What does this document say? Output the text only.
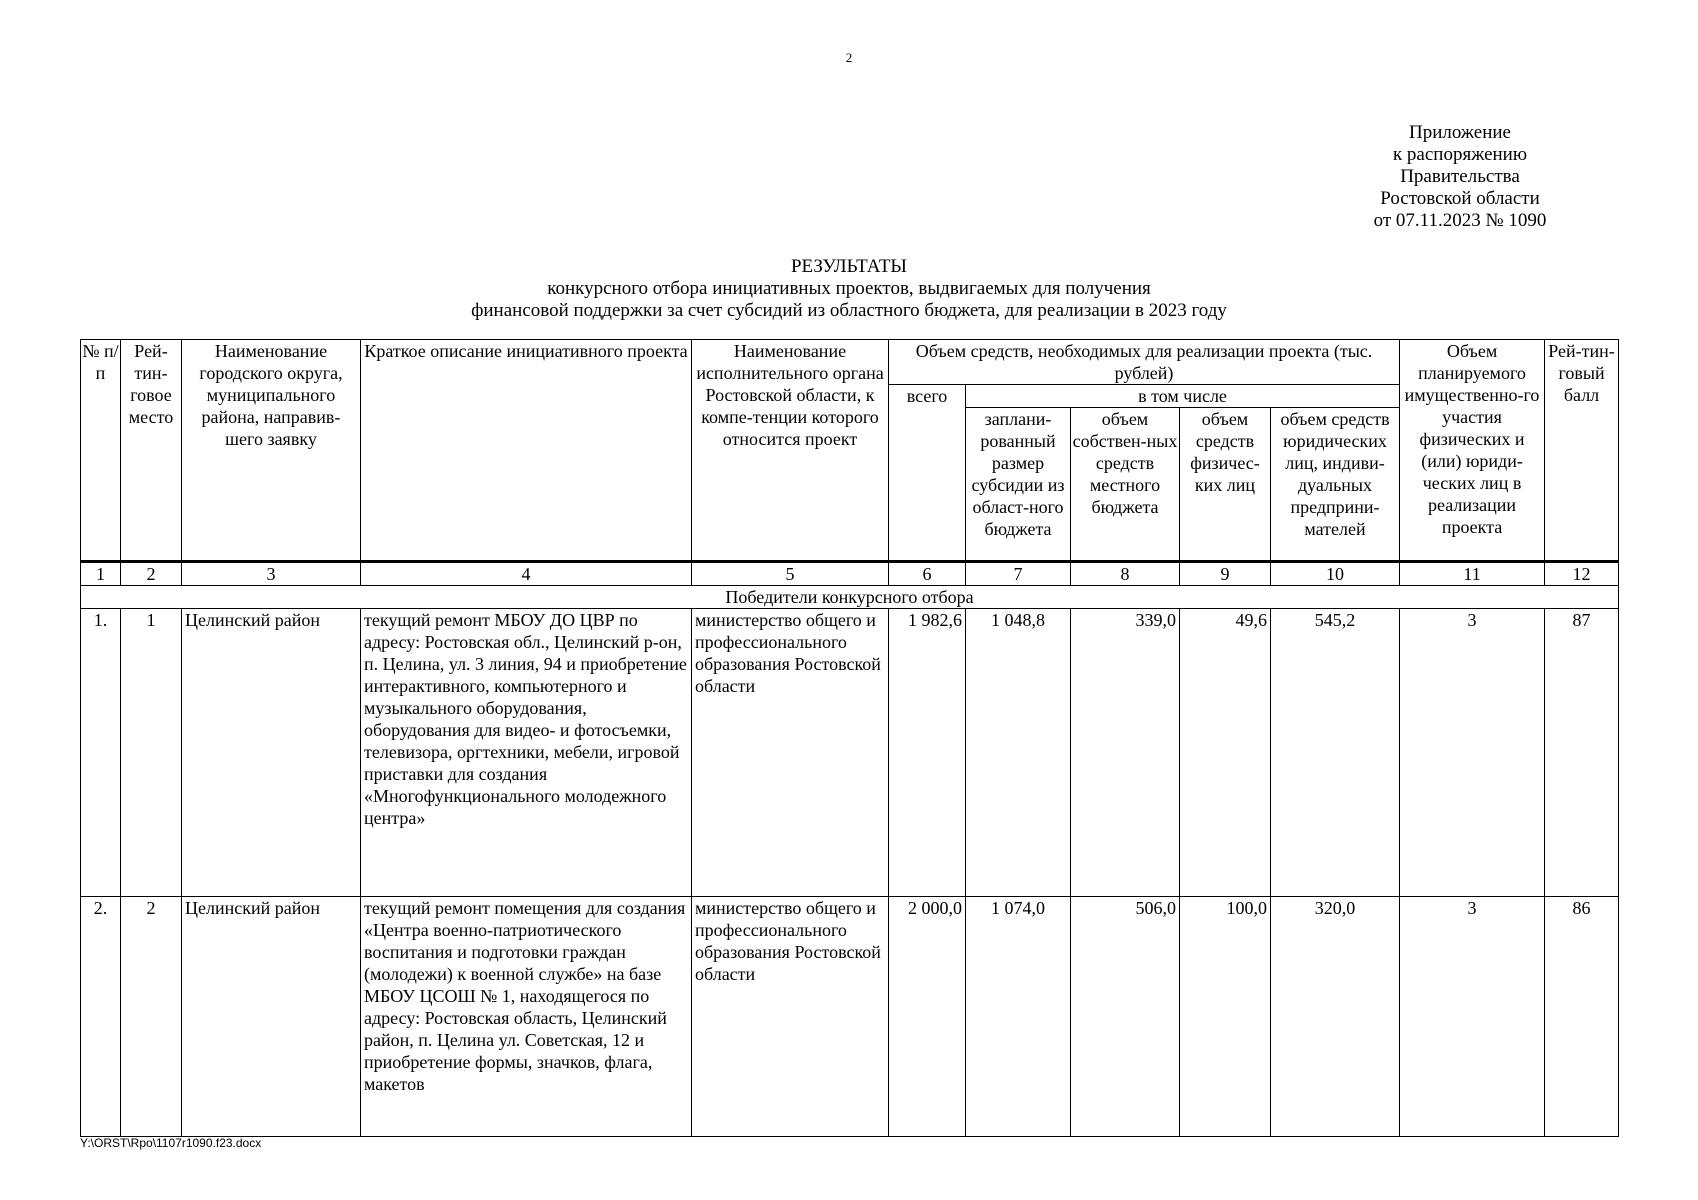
2
Приложение
к распоряжению
Правительства
Ростовской области
от 07.11.2023 № 1090
РЕЗУЛЬТАТЫ
конкурсного отбора инициативных проектов, выдвигаемых для получения
финансовой поддержки за счет субсидий из областного бюджета, для реализации в 2023 году
№ п/п	Рей-тин-говое место	Наименование городского округа, муниципального района, направив-шего заявку	Краткое описание инициативного проекта	Наименование исполнительного органа Ростовской области, к компе-тенции которого относится проект	Объем средств, необходимых для реализации проекта (тыс. рублей)					Объем планируемого имущественно-го участия физических и (или) юриди-ческих лиц в реализации проекта	Рей-тин-говый балл
					всего	в том числе					
						заплани-рованный размер субсидии из област-ного бюджета	объем собствен-ных средств местного бюджета	объем средств физичес-ких лиц	объем средств юридических лиц, индиви-дуальных предприни-мателей		
1	2	3	4	5	6	7	8	9	10	11	12
Победители конкурсного отбора											
1.	1	Целинский район	текущий ремонт МБОУ ДО ЦВР по адресу: Ростовская обл., Целинский р-он, п. Целина, ул. 3 линия, 94 и приобретение интерактивного, компьютерного и музыкального оборудования, оборудования для видео- и фотосъемки, телевизора, оргтехники, мебели, игровой приставки для создания «Многофункционального молодежного центра»	министерство общего и профессионального образования Ростовской области	1 982,6	1 048,8	339,0	49,6	545,2	3	87
2.	2	Целинский район	текущий ремонт помещения для создания «Центра военно-патриотического воспитания и подготовки граждан (молодежи) к военной службе» на базе МБОУ ЦСОШ № 1, находящегося по адресу: Ростовская область, Целинский район, п. Целина ул. Советская, 12 и приобретение формы, значков, флага, макетов	министерство общего и профессионального образования Ростовской области	2 000,0	1 074,0	506,0	100,0	320,0	3	86
Y:\ORST\Rpo\1107r1090.f23.docx
